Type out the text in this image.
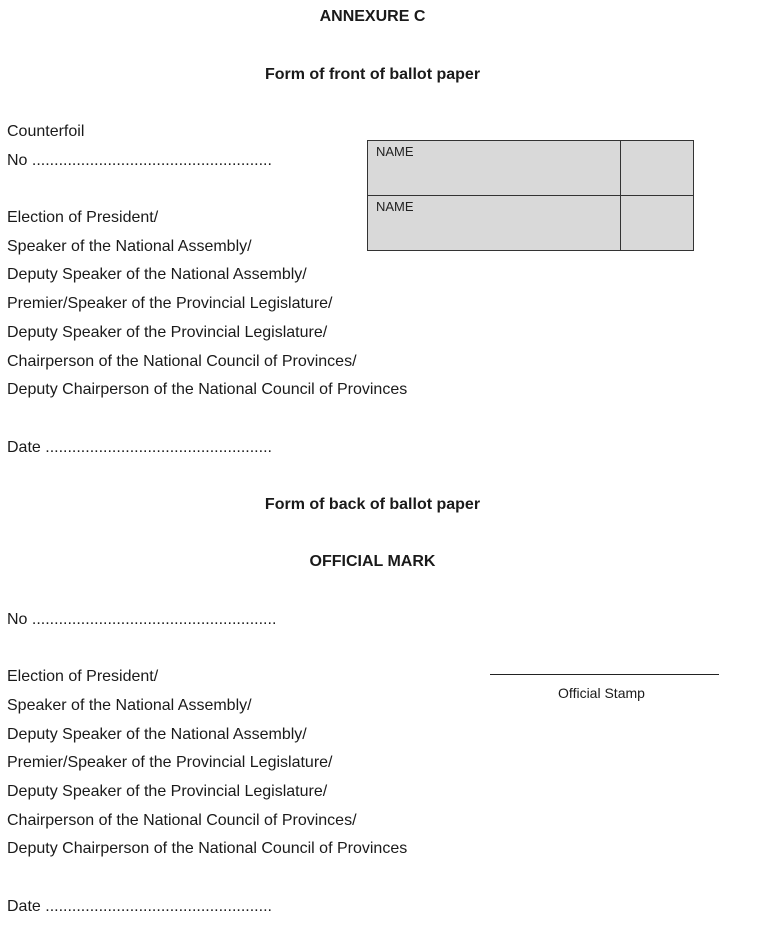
ANNEXURE C
Form of front of ballot paper
Counterfoil
No ......................................................
Election of President/
Speaker of the National Assembly/
Deputy Speaker of the National Assembly/
Premier/Speaker of the Provincial Legislature/
Deputy Speaker of the Provincial Legislature/
Chairperson of the National Council of Provinces/
Deputy Chairperson of the National Council of Provinces
Date ...................................................
NAME
NAME
Form of back of ballot paper
OFFICIAL MARK
No .......................................................
Election of President/
Speaker of the National Assembly/
Deputy Speaker of the National Assembly/
Premier/Speaker of the Provincial Legislature/
Deputy Speaker of the Provincial Legislature/
Chairperson of the National Council of Provinces/
Deputy Chairperson of the National Council of Provinces
Date ...................................................
Official Stamp
